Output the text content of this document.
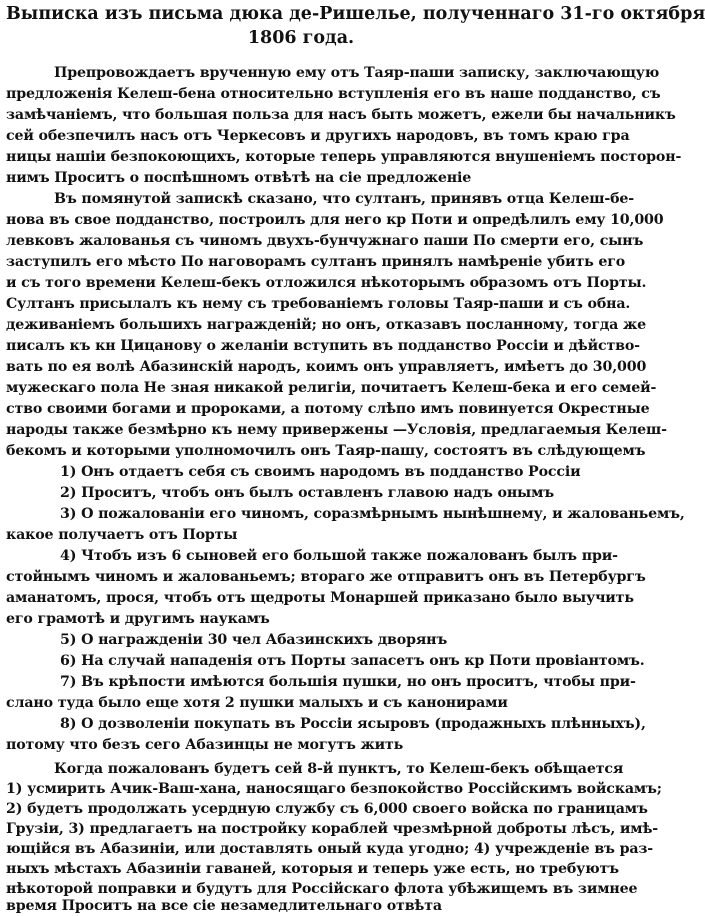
Выписка изъ письма дюка де-Ришелье, полученнаго 31-го октября
1806 года.
Препровождаетъ врученную ему отъ Таяр-паши записку, заключающую
предложенія Келеш-бена относительно вступленія его въ наше подданство, съ
замѣчаніемъ, что большая польза для насъ быть можетъ, ежели бы начальникъ
сей обезпечилъ насъ отъ Черкесовъ и другихъ народовъ, въ томъ краю гра
ницы нашіи безпокоющихъ, которые теперь управляются внушеніемъ посторон-
нимъ Проситъ о поспѣшномъ отвѣтѣ на сіе предложеніе
Въ помянутой запискѣ сказано, что султанъ, принявъ отца Келеш-бе-
нова въ свое подданство, построилъ для него кр Поти и опредѣлилъ ему 10,000
левковъ жалованья съ чиномъ двухъ-бунчужнаго паши По смерти его, сынъ
заступилъ его мѣсто По наговорамъ султанъ принялъ намѣреніе убить его
и съ того времени Келеш-бекъ отложился нѣкоторымъ образомъ отъ Порты.
Султанъ присылалъ къ нему съ требованіемъ головы Таяр-паши и съ обна.
деживаніемъ большихъ награжденій; но онъ, отказавъ посланному, тогда же
писалъ къ кн Цицанову о желаніи вступить въ подданство Россіи и дѣйство-
вать по ея волѣ Абазинскій народъ, коимъ онъ управляетъ, имѣетъ до 30,000
мужескаго пола Не зная никакой религіи, почитаетъ Келеш-бека и его семей-
ство своими богами и пророками, а потому слѣпо имъ повинуется Окрестные
народы также безмѣрно къ нему привержены —Условія, предлагаемыя Келеш-
бекомъ и которыми уполномочилъ онъ Таяр-пашу, состоятъ въ слѣдующемъ
1) Онъ отдаетъ себя съ своимъ народомъ въ подданство Россіи
2) Проситъ, чтобъ онъ былъ оставленъ главою надъ онымъ
3) О пожалованіи его чиномъ, соразмѣрнымъ нынѣшнему, и жалованьемъ,
какое получаетъ отъ Порты
4) Чтобъ изъ 6 сыновей его большой также пожалованъ былъ при-
стойнымъ чиномъ и жалованьемъ; втораго же отправитъ онъ въ Петербургъ
аманатомъ, прося, чтобъ отъ щедроты Монаршей приказано было выучить
его грамотѣ и другимъ наукамъ
5) О награжденіи 30 чел Абазинскихъ дворянъ
6) На случай нападенія отъ Порты запасетъ онъ кр Поти провіантомъ.
7) Въ крѣпости имѣются большія пушки, но онъ проситъ, чтобы при-
слано туда было еще хотя 2 пушки малыхъ и съ канонирами
8) О дозволеніи покупать въ Россіи ясыровъ (продажныхъ плѣнныхъ),
потому что безъ сего Абазинцы не могутъ жить
Когда пожалованъ будетъ сей 8-й пунктъ, то Келеш-бекъ обѣщается
1) усмирить Ачик-Ваш-хана, наносящаго безпокойство Россійскимъ войскамъ;
2) будетъ продолжать усердную службу съ 6,000 своего войска по границамъ
Грузіи, 3) предлагаетъ на постройку кораблей чрезмѣрной доброты лѣсъ, имѣ-
ющійся въ Абазиніи, или доставлять оный куда угодно; 4) учрежденіе въ раз-
ныхъ мѣстахъ Абазиніи гаваней, которыя и теперь уже есть, но требуютъ
нѣкоторой поправки и будутъ для Россійскаго флота убѣжищемъ въ зимнее
время Проситъ на все сіе незамедлительнаго отвѣта
